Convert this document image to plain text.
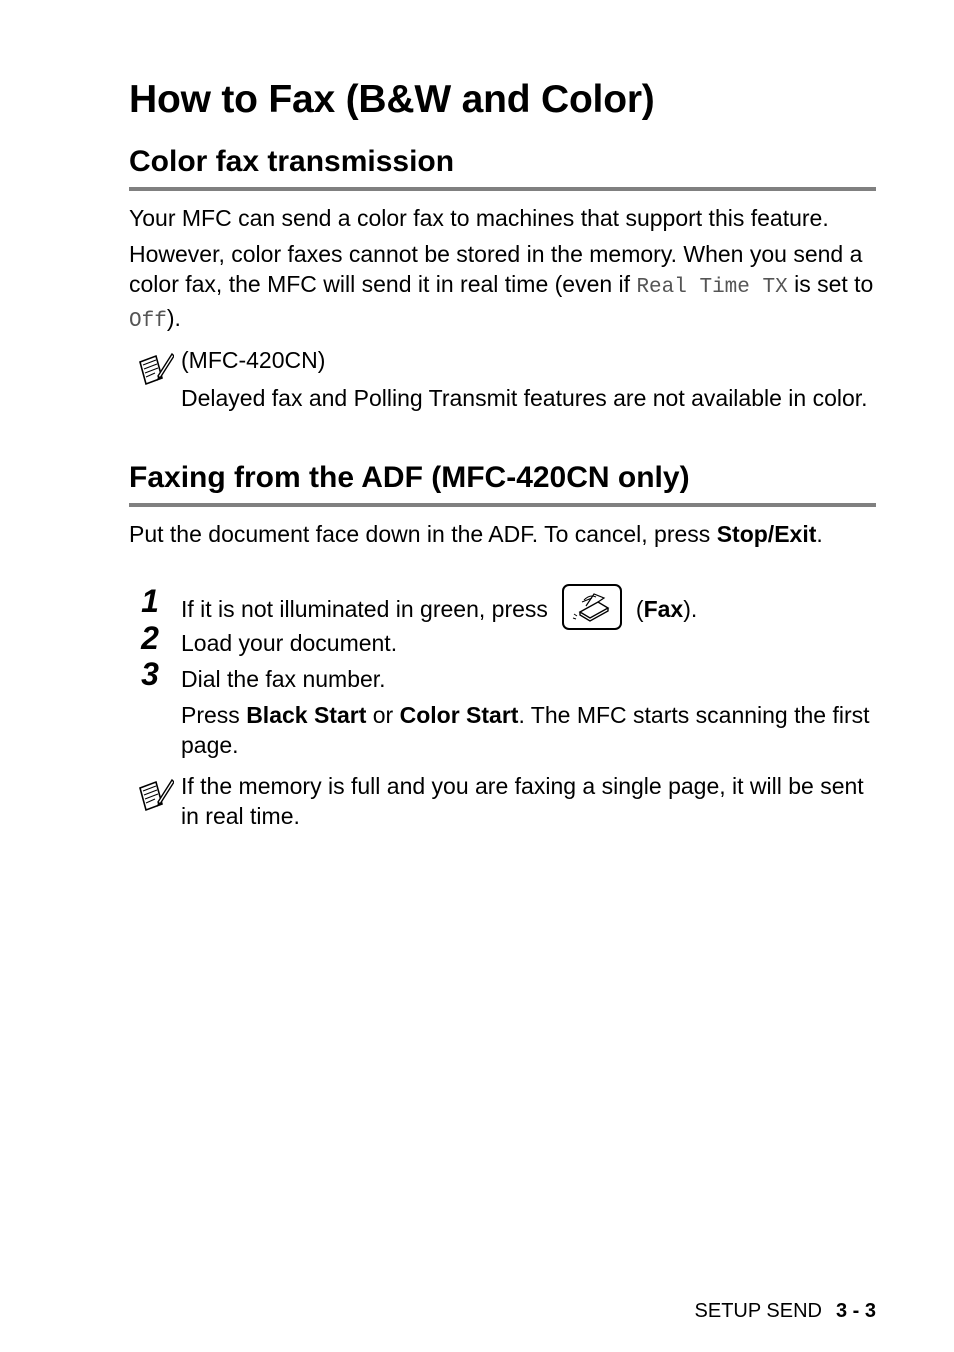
How to Fax (B&W and Color)
Color fax transmission
Your MFC can send a color fax to machines that support this feature.
However, color faxes cannot be stored in the memory. When you send a color fax, the MFC will send it in real time (even if Real Time TX is set to Off).
(MFC-420CN)
Delayed fax and Polling Transmit features are not available in color.
Faxing from the ADF (MFC-420CN only)
Put the document face down in the ADF. To cancel, press Stop/Exit.
1 If it is not illuminated in green, press	(Fax).
2 Load your document.
3 Dial the fax number.
Press Black Start or Color Start. The MFC starts scanning the first page.
If the memory is full and you are faxing a single page, it will be sent in real time.
SETUP SEND 3 - 3
